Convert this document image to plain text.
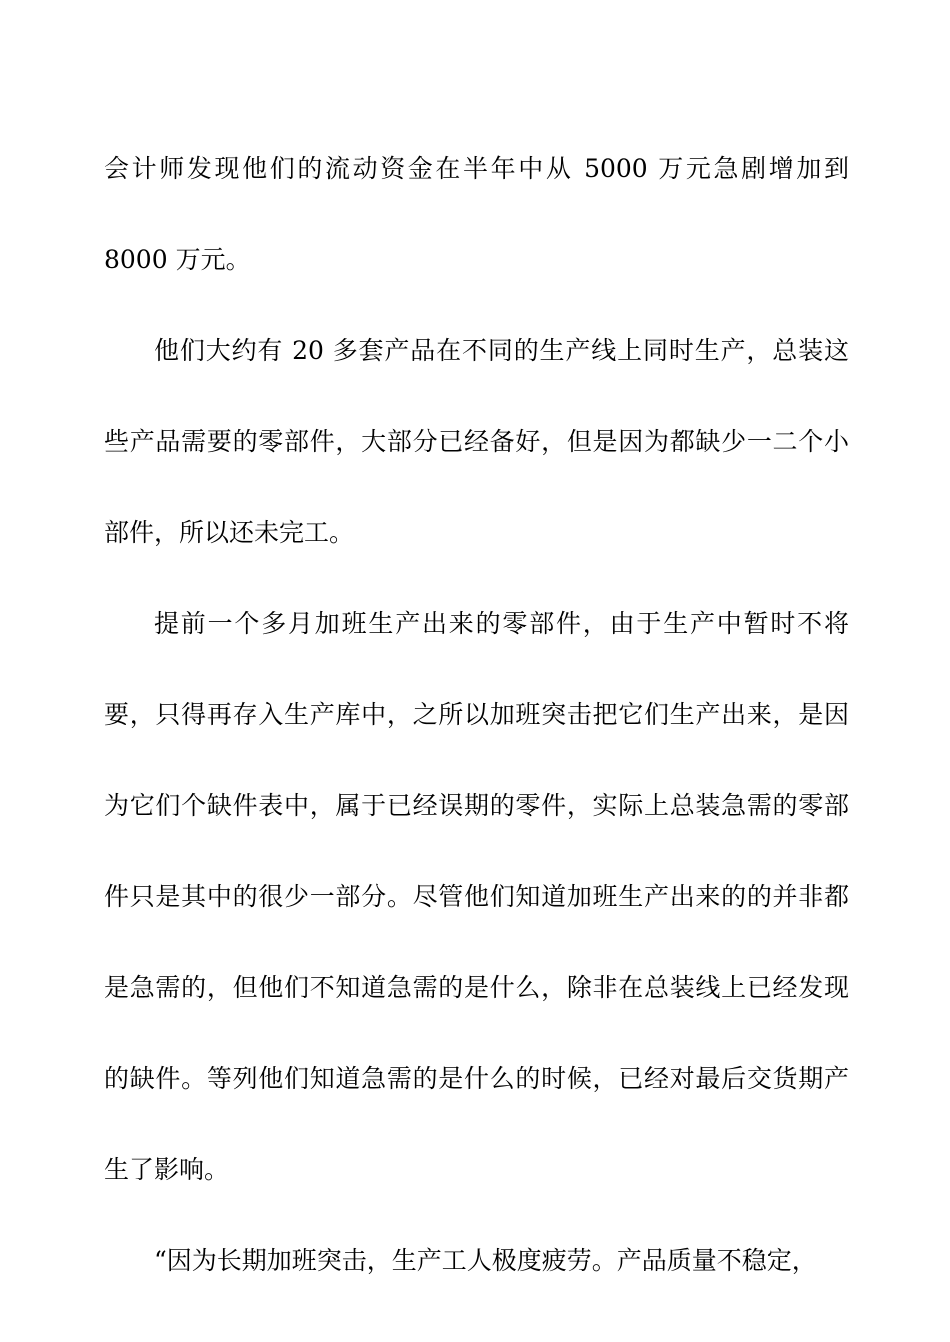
会计师发现他们的流动资金在半年中从 5000 万元急剧增加到 8000 万元。

他们大约有 20 多套产品在不同的生产线上同时生产，总装这些产品需要的零部件，大部分已经备好，但是因为都缺少一二个小部件，所以还未完工。

提前一个多月加班生产出来的零部件，由于生产中暂时不将要，只得再存入生产库中，之所以加班突击把它们生产出来，是因为它们个缺件表中，属于已经误期的零件，实际上总装急需的零部件只是其中的很少一部分。尽管他们知道加班生产出来的的并非都是急需的，但他们不知道急需的是什么，除非在总装线上已经发现的缺件。等列他们知道急需的是什么的时候，已经对最后交货期产生了影响。

“因为长期加班突击，生产工人极度疲劳。产品质量不稳定，
